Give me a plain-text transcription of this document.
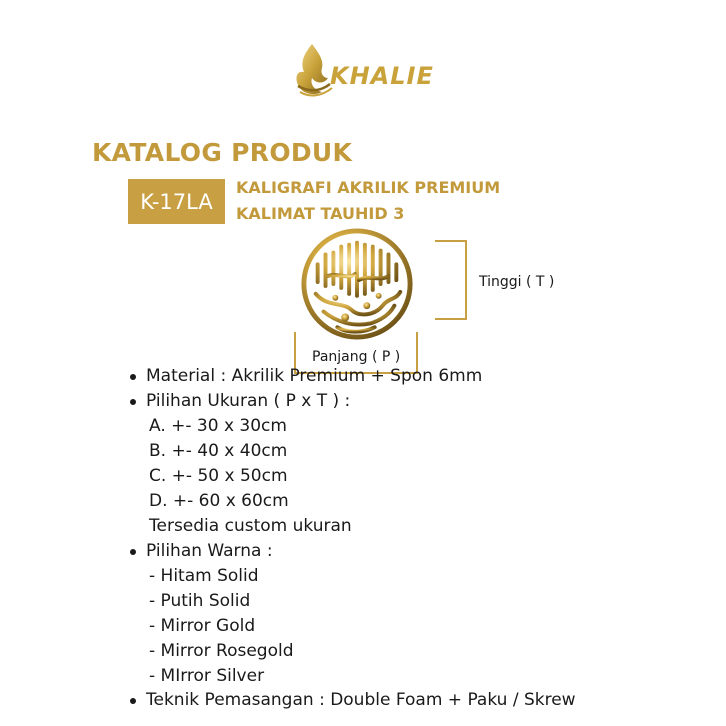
KHALIE
KATALOG PRODUK
K-17LA
KALIGRAFI AKRILIK PREMIUM
KALIMAT TAUHID 3
Tinggi ( T )
Panjang ( P )
Material : Akrilik Premium + Spon 6mm
Pilihan Ukuran ( P x T ) :
A. +- 30 x 30cm
B. +- 40 x 40cm
C. +- 50 x 50cm
D. +- 60 x 60cm
Tersedia custom ukuran
Pilihan Warna :
- Hitam Solid
- Putih Solid
- Mirror Gold
- Mirror Rosegold
- MIrror Silver
Teknik Pemasangan : Double Foam + Paku / Skrew
